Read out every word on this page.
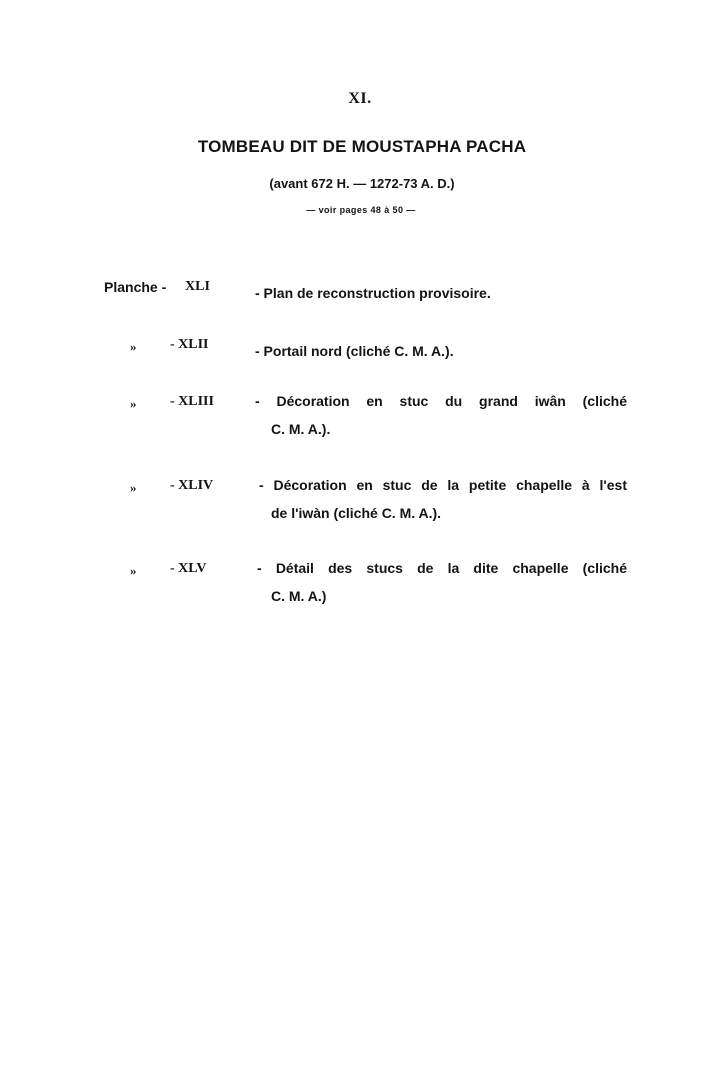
XI.
TOMBEAU DIT DE MOUSTAPHA PACHA
(avant 672 H. — 1272-73 A. D.)
— voir pages 48 à 50 —
Planche - XLI	- Plan de reconstruction provisoire.
» - XLII	- Portail nord (cliché C. M. A.).
» - XLIII	- Décoration en stuc du grand iwân (cliché
C. M. A.).
» - XLIV	- Décoration en stuc de la petite chapelle à l'est
de l'iwàn (cliché C. M. A.).
» - XLV	- Détail des stucs de la dite chapelle (cliché
C. M. A.)
